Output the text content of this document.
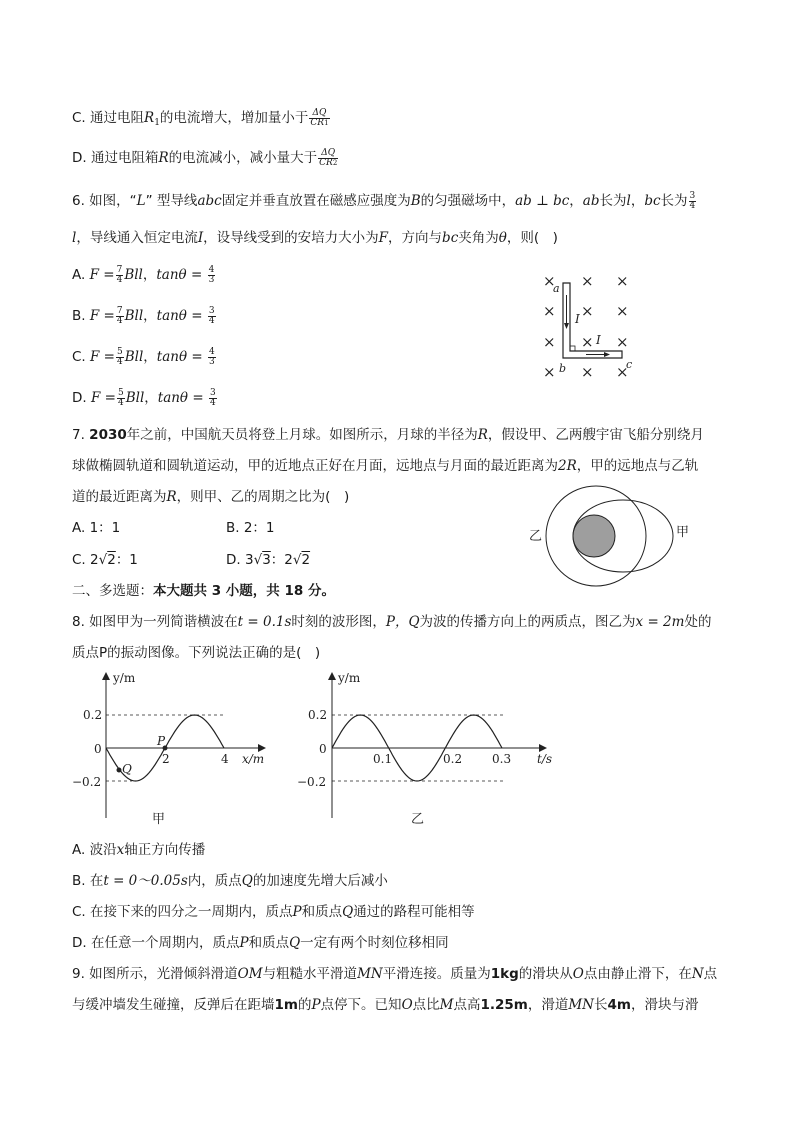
C. 通过电阻$R_1$的电流增大，增加量小于 $\frac{\Delta Q}{CR1}$
D. 通过电阻箱R的电流减小，减小量大于 $\frac{\Delta Q}{CR2}$
6. 如图，“L” 型导线abc固定并垂直放置在磁感应强度为B的匀强磁场中，ab ⊥ bc，ab长为l，bc长为 $\frac{3}{4}$
l，导线通入恒定电流I，设导线受到的安培力大小为F，方向与bc夹角为θ，则(　)
A. $F = \frac{7}{4}$ Bll，$\tan\theta = \frac{4}{3}$
B. $F = \frac{7}{4}$ Bll，$\tan\theta = \frac{3}{4}$
C. $F = \frac{5}{4}$ Bll，$\tan\theta = \frac{4}{3}$
D. $F = \frac{5}{4}$ Bll，$\tan\theta = \frac{3}{4}$
× × ×
× × ×
× × ×
× × ×
a
b	c
I
I
7. 2030年之前，中国航天员将登上月球。如图所示，月球的半径为R，假设甲、乙两艘宇宙飞船分别绕月
球做椭圆轨道和圆轨道运动，甲的近地点正好在月面，远地点与月面的最近距离为2R，甲的远地点与乙轨
道的最近距离为R，则甲、乙的周期之比为(　)
A. 1：1	B. 2：1
C. 2√2：1	D. 3√3：2√2
乙	甲
二、多选题：本大题共 3 小题，共 18 分。
8. 如图甲为一列简谐横波在t = 0.1s时刻的波形图，P，Q为波的传播方向上的两质点，图乙为x = 2m处的
质点P的振动图像。下列说法正确的是(　)
y/m
0.2
0
−0.2
2	4 x/m
P
Q
甲
y/m
0.2
0
−0.2
0.1	0.2 0.3 t/s
乙
A. 波沿x轴正方向传播
B. 在t = 0～0.05s内，质点Q的加速度先增大后减小
C. 在接下来的四分之一周期内，质点P和质点Q通过的路程可能相等
D. 在任意一个周期内，质点P和质点Q一定有两个时刻位移相同
9. 如图所示，光滑倾斜滑道OM与粗糙水平滑道MN平滑连接。质量为1kg的滑块从O点由静止滑下，在N点
与缓冲墙发生碰撞，反弹后在距墙1m的P点停下。已知O点比M点高1.25m，滑道MN长4m，滑块与滑
